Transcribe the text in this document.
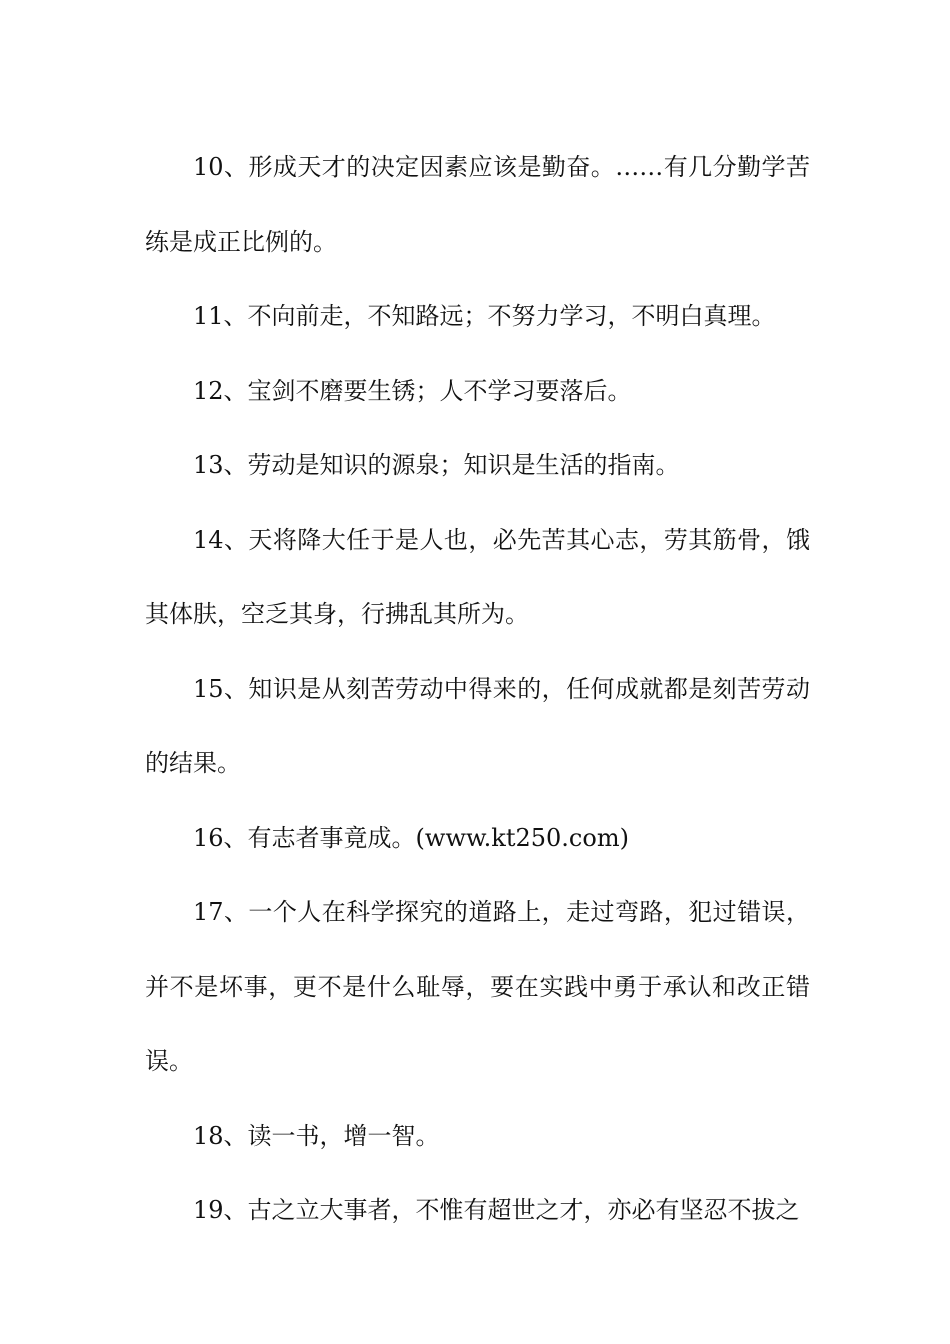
10、形成天才的决定因素应该是勤奋。……有几分勤学苦练是成正比例的。

11、不向前走，不知路远；不努力学习，不明白真理。

12、宝剑不磨要生锈；人不学习要落后。

13、劳动是知识的源泉；知识是生活的指南。

14、天将降大任于是人也，必先苦其心志，劳其筋骨，饿其体肤，空乏其身，行拂乱其所为。

15、知识是从刻苦劳动中得来的，任何成就都是刻苦劳动的结果。

16、有志者事竟成。(www.kt250.com)

17、一个人在科学探究的道路上，走过弯路，犯过错误，并不是坏事，更不是什么耻辱，要在实践中勇于承认和改正错误。

18、读一书，增一智。

19、古之立大事者，不惟有超世之才，亦必有坚忍不拔之
